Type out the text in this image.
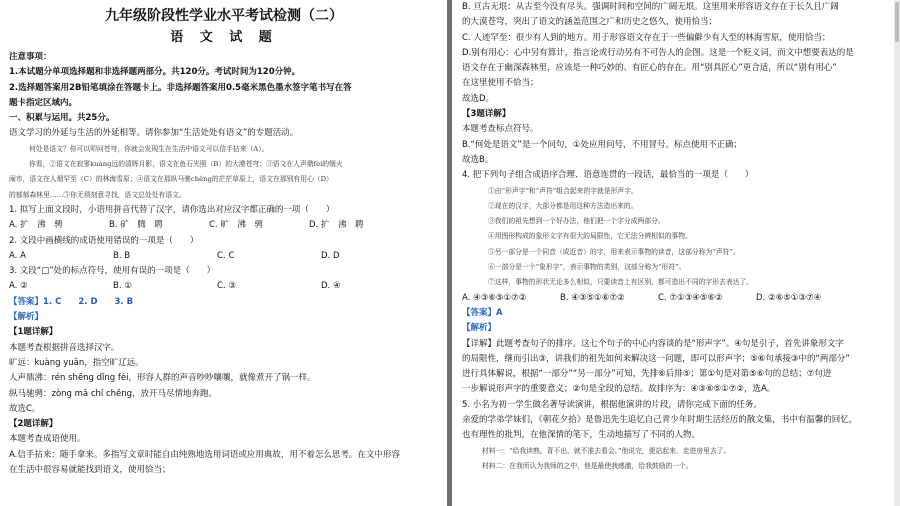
九年级阶段性学业水平考试检测（二）
语 文 试 题
注意事项：
1.本试题分单项选择题和非选择题两部分。共120分。考试时间为120分钟。
2.选择题答案用2B铅笔填涂在答题卡上。非选择题答案用0.5毫米黑色墨水签字笔书写在答
题卡指定区域内。
一、积累与运用。共25分。
语文学习的外延与生活的外延相等。请你参加“生活处处有语文”的专题活动。
何处是语文？你可以叩问苍穹，你就会发现生在生活中语文可以信手拈来（A）。
你看，②语文在寂寥kuàng远的清晖月影，语文在鱼石光照（B）的大漠苍穹；③语文在人声鼎fèi的烟火
闹市，语文在人烟罕至（C）的林海雪原；④语文在那纵马驰chěng的茫茫草原上，语文在那别有用心（D）
的郁郁森林里……⑤你无须刻意寻找，语文总处处有语文。
1. 拟写上面文段时，小语用拼音代替了汉字，请你选出对应汉字都正确的一项（　　）
A. 扩　沸　骋	B. 矿　腾　聘	C. 旷　沸　骋	D. 扩　沸　聘
2. 文段中画横线的成语使用错误的一项是（　　）
A. A	B. B	C. C	D. D
3. 文段“□”处的标点符号，使用有误的一项是（　　）
A. ②	B. ①	C. ③	D. ④
【答案】1. C　　2. D　　3. B
【解析】
【1题详解】
本题考查根据拼音选择汉字。
旷远：kuàng yuǎn，指空旷辽远。
人声鼎沸：rén shēng dǐng fèi，形容人群的声音吵吵嚷嚷，就像煮开了锅一样。
纵马驰骋：zòng mǎ chí chěng，放开马尽情地奔跑。
故选C。
【2题详解】
本题考查成语使用。
A.信手拈来：随手拿来。多指写文章时能自由纯熟地选用词语或应用典故，用不着怎么思考。在文中形容
在生活中很容易就能找到语文，使用恰当；
B. 亘古无垠：从古至今没有尽头。强调时间和空间的广阔无垠。这里用来形容语文存在于长久且广阔
的大漠苍穹，突出了语文的涵盖范围之广和历史之悠久，使用恰当；
C. 人迹罕至：很少有人到的地方。用于形容语文存在于一些偏僻少有人至的林海雪原，使用恰当；
D.别有用心：心中另有算计，指言论或行动另有不可告人的企图。这是一个贬义词，而文中想要表达的是
语文存在于幽深森林里，应该是一种巧妙的、有匠心的存在。用“别具匠心”更合适，所以“别有用心”
在这里使用不恰当；
故选D。
【3题详解】
本题考查标点符号。
B.“何处是语文”是一个问句，①处应用问号，不用冒号。标点使用不正确；
故选B。
4. 把下列句子组合成语序合理、语意连贯的一段话，最恰当的一项是（　　）
①由“形声字”和“声符”组合起来的字就是形声字。
②现在的汉字，大部分都是用这种方法造出来的。
③我们的祖先想到一个好办法，他们把一个字分成两部分。
④用图形构成的象形文字有很大的局限性，它无法分辨相似的事物。
⑤另一部分是一个同音（或近音）的字，用来表示事物的读音，这部分称为“声符”。
⑥一部分是一个“象形字”，表示事物的类别，这部分称为“形符”。
⑦这样，事物的形状无论多么相似，只要读音上有区别，都可造出不同的字形去表达了。
A. ④③⑥⑤①⑦②	B. ④③⑤①⑥⑦②	C. ⑦①③④⑤⑥②	D. ②⑥⑤①③⑦④
【答案】A
【解析】
【详解】此题考查句子的排序。这七个句子的中心内容谈的是“形声字”。④句是引子，首先讲象形文字
的局限性，继而引出③，讲我们的祖先如何来解决这一问题，即可以形声字；⑤⑥句承接③中的“两部分”
进行具体解说，根据“一部分”“另一部分”可知，先排⑥后排⑤；第①句是对第⑤⑥句的总结；⑦句进
一步解说形声字的重要意义；②句是全段的总结。故排序为：④③⑥⑤①⑦②，选A。
5. 小名为初一学生做名著导读演讲，根据他演讲的片段，请你完成下面的任务。
亲爱的学弟学妹们，《朝花夕拾》是鲁迅先生追忆自己青少年时期生活经历的散文集，书中有温馨的回忆，
也有理性的批判，在他深情的笔下，生动地描写了不同的人物。
材料一：“给我读熟。背不出，就不准去看会。”他说完，便站起来，走进房里去了。
材料二：在我所认为我师的之中，他是最使我感激，给我鼓励的一个。
